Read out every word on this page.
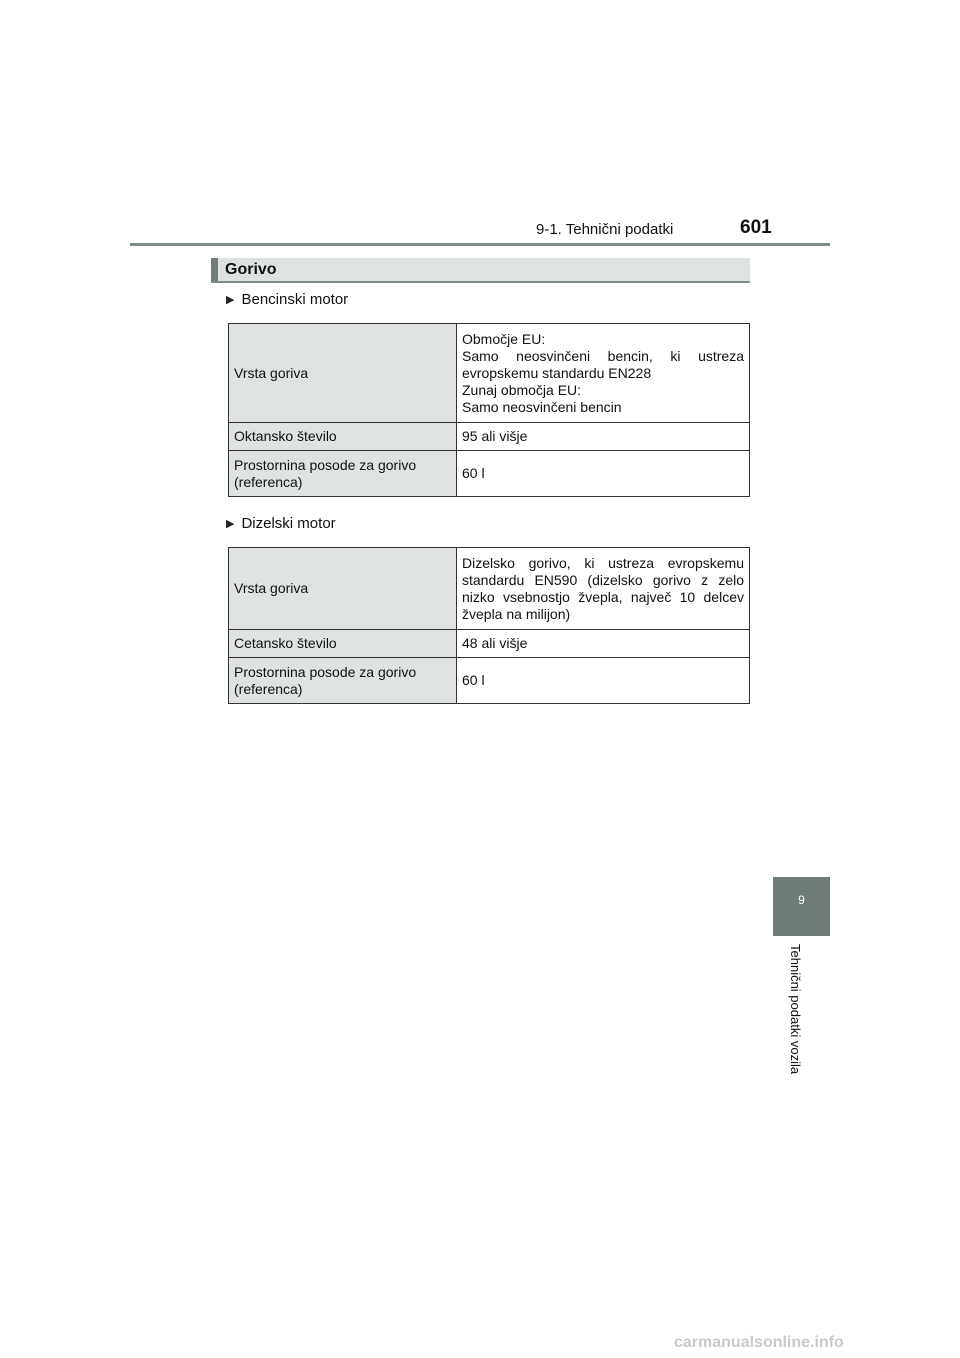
9-1. Tehnični podatki	601
Gorivo
▶ Bencinski motor
Vrsta goriva	Območje EU:
Samo neosvinčeni bencin, ki ustreza evropskemu standardu EN228
Zunaj območja EU:
Samo neosvinčeni bencin

Oktansko število	95 ali višje

Prostornina posode za gorivo
(referenca)	60 l
▶ Dizelski motor
Vrsta goriva	Dizelsko gorivo, ki ustreza evropskemu standardu EN590 (dizelsko gorivo z zelo nizko vsebnostjo žvepla, največ 10 delcev žvepla na milijon)
Cetansko število	48 ali višje

Prostornina posode za gorivo
(referenca)	60 l
9
Tehnični podatki vozila
carmanualsonline.info
